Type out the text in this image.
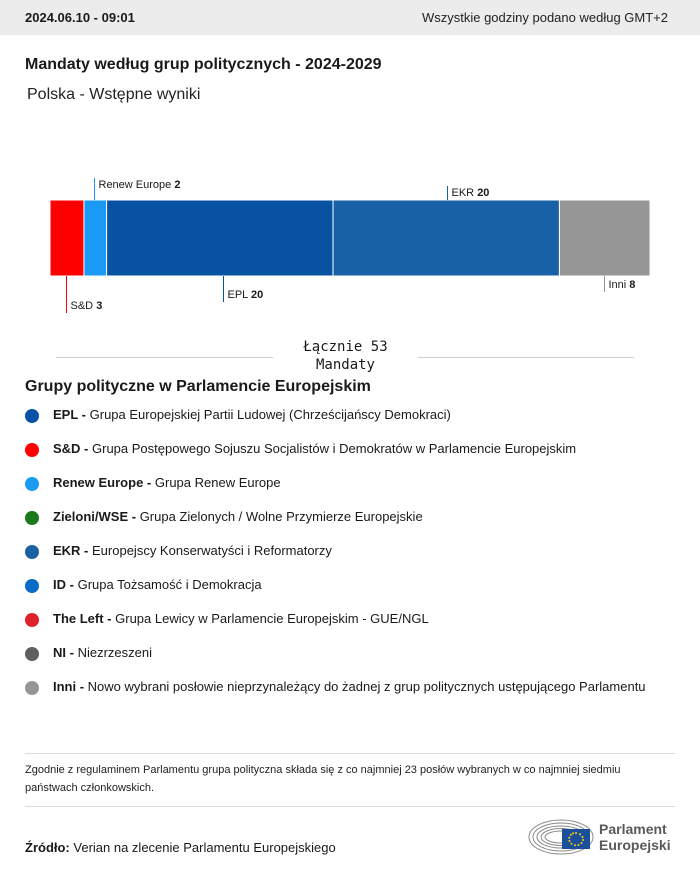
2024.06.10 - 09:01	Wszystkie godziny podano według GMT+2
Mandaty według grup politycznych - 2024-2029
Polska - Wstępne wyniki
S&D 3
Renew Europe 2
EPL 20
EKR 20
Inni 8
Łącznie 53
Mandaty
Grupy polityczne w Parlamencie Europejskim
EPL - Grupa Europejskiej Partii Ludowej (Chrześcijańscy Demokraci)
S&D - Grupa Postępowego Sojuszu Socjalistów i Demokratów w Parlamencie Europejskim
Renew Europe - Grupa Renew Europe
Zieloni/WSE - Grupa Zielonych / Wolne Przymierze Europejskie
EKR - Europejscy Konserwatyści i Reformatorzy
ID - Grupa Tożsamość i Demokracja
The Left - Grupa Lewicy w Parlamencie Europejskim - GUE/NGL
NI - Niezrzeszeni
Inni - Nowo wybrani posłowie nieprzynależący do żadnej z grup politycznych ustępującego Parlamentu
Zgodnie z regulaminem Parlamentu grupa polityczna składa się z co najmniej 23 posłów wybranych w co najmniej siedmiu państwach członkowskich.
Źródło: Verian na zlecenie Parlamentu Europejskiego
Parlament
Europejski
